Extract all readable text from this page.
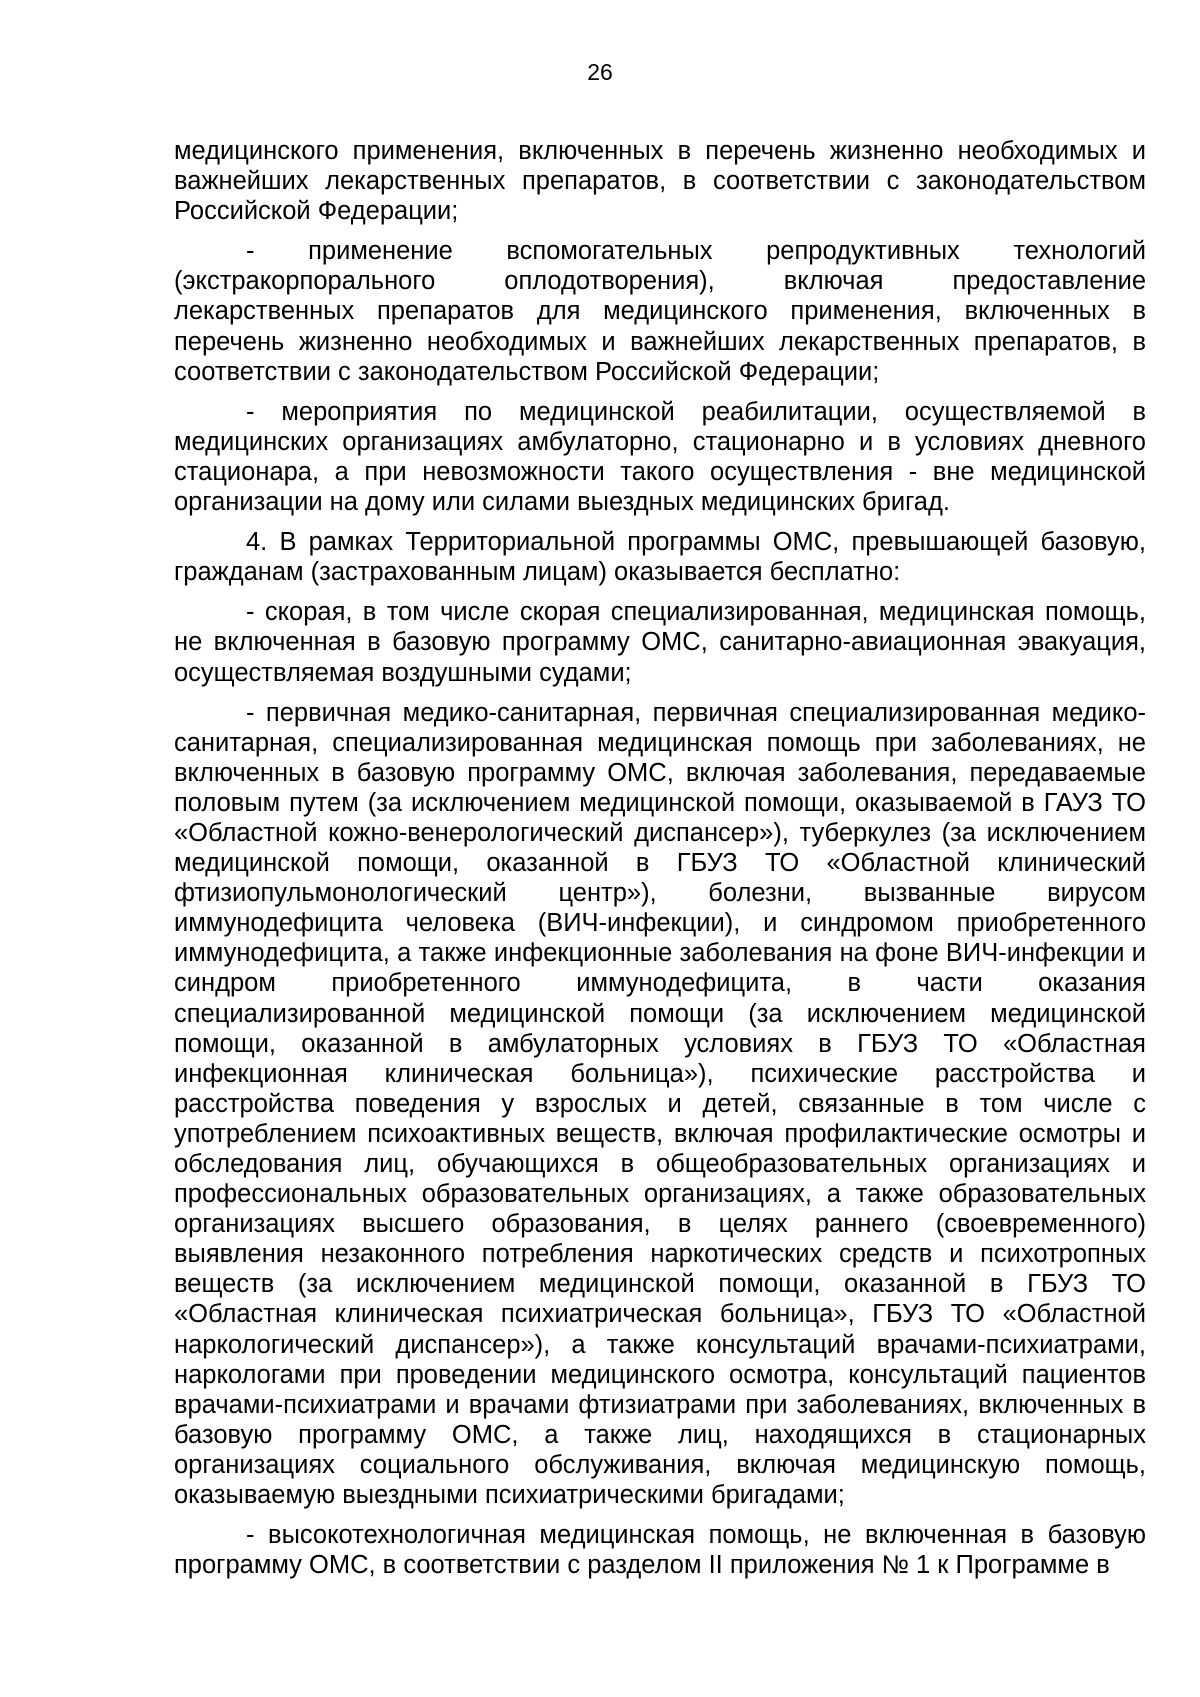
26

медицинского применения, включенных в перечень жизненно необходимых и важнейших лекарственных препаратов, в соответствии с законодательством Российской Федерации;

- применение вспомогательных репродуктивных технологий (экстракорпорального оплодотворения), включая предоставление лекарственных препаратов для медицинского применения, включенных в перечень жизненно необходимых и важнейших лекарственных препаратов, в соответствии с законодательством Российской Федерации;

- мероприятия по медицинской реабилитации, осуществляемой в медицинских организациях амбулаторно, стационарно и в условиях дневного стационара, а при невозможности такого осуществления - вне медицинской организации на дому или силами выездных медицинских бригад.

4. В рамках Территориальной программы ОМС, превышающей базовую, гражданам (застрахованным лицам) оказывается бесплатно:

- скорая, в том числе скорая специализированная, медицинская помощь, не включенная в базовую программу ОМС, санитарно-авиационная эвакуация, осуществляемая воздушными судами;

- первичная медико-санитарная, первичная специализированная медико-санитарная, специализированная медицинская помощь при заболеваниях, не включенных в базовую программу ОМС, включая заболевания, передаваемые половым путем (за исключением медицинской помощи, оказываемой в ГАУЗ ТО «Областной кожно-венерологический диспансер»), туберкулез (за исключением медицинской помощи, оказанной в ГБУЗ ТО «Областной клинический фтизиопульмонологический центр»), болезни, вызванные вирусом иммунодефицита человека (ВИЧ-инфекции), и синдромом приобретенного иммунодефицита, а также инфекционные заболевания на фоне ВИЧ-инфекции и синдром приобретенного иммунодефицита, в части оказания специализированной медицинской помощи (за исключением медицинской помощи, оказанной в амбулаторных условиях в ГБУЗ ТО «Областная инфекционная клиническая больница»), психические расстройства и расстройства поведения у взрослых и детей, связанные в том числе с употреблением психоактивных веществ, включая профилактические осмотры и обследования лиц, обучающихся в общеобразовательных организациях и профессиональных образовательных организациях, а также образовательных организациях высшего образования, в целях раннего (своевременного) выявления незаконного потребления наркотических средств и психотропных веществ (за исключением медицинской помощи, оказанной в ГБУЗ ТО «Областная клиническая психиатрическая больница», ГБУЗ ТО «Областной наркологический диспансер»), а также консультаций врачами-психиатрами, наркологами при проведении медицинского осмотра, консультаций пациентов врачами-психиатрами и врачами фтизиатрами при заболеваниях, включенных в базовую программу ОМС, а также лиц, находящихся в стационарных организациях социального обслуживания, включая медицинскую помощь, оказываемую выездными психиатрическими бригадами;

- высокотехнологичная медицинская помощь, не включенная в базовую программу ОМС, в соответствии с разделом II приложения № 1 к Программе в
